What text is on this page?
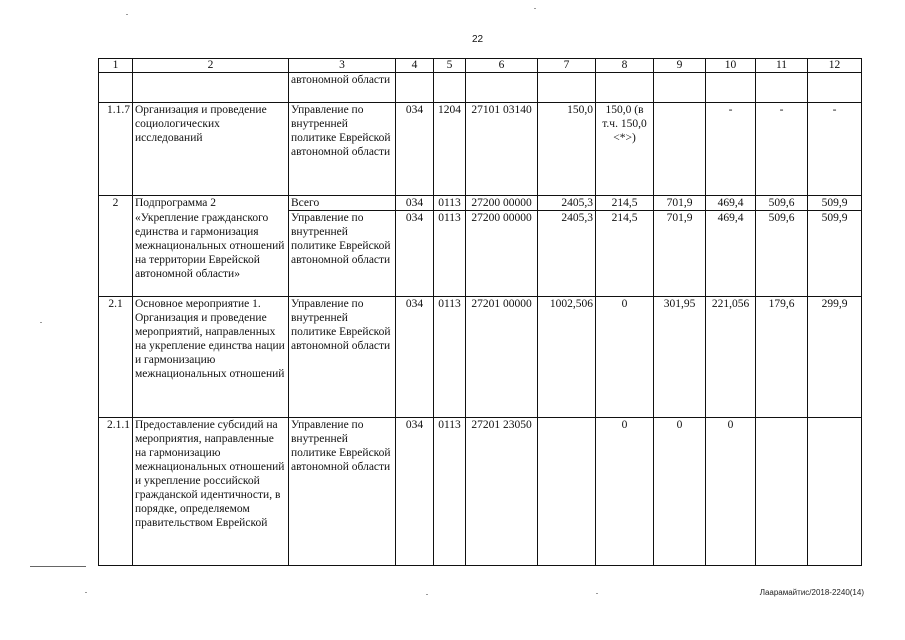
22
1	2	3	4	5	6	7	8	9	10	11	12
		автономной области									
1.1.7	Организация и проведение социологических исследований	Управление по внутренней политике Еврейской автономной области	034	1204	27101 03140	150,0	150,0 (в т.ч. 150,0 <*>)		-	-	-
2	Подпрограмма 2	Всего	034	0113	27200 00000	2405,3	214,5	701,9	469,4	509,6	509,9
	«Укрепление гражданского единства и гармонизация межнациональных отношений на территории Еврейской автономной области»	Управление по внутренней политике Еврейской автономной области	034	0113	27200 00000	2405,3	214,5	701,9	469,4	509,6	509,9
2.1	Основное мероприятие 1. Организация и проведение мероприятий, направленных на укрепление единства нации и гармонизацию межнациональных отношений	Управление по внутренней политике Еврейской автономной области	034	0113	27201 00000	1002,506	0	301,95	221,056	179,6	299,9
2.1.1	Предоставление субсидий на мероприятия, направленные на гармонизацию межнациональных отношений и укрепление российской гражданской идентичности, в порядке, определяемом правительством Еврейской	Управление по внутренней политике Еврейской автономной области	034	0113	27201 23050		0	0	0		
Лаарамайтис/2018-2240(14)
